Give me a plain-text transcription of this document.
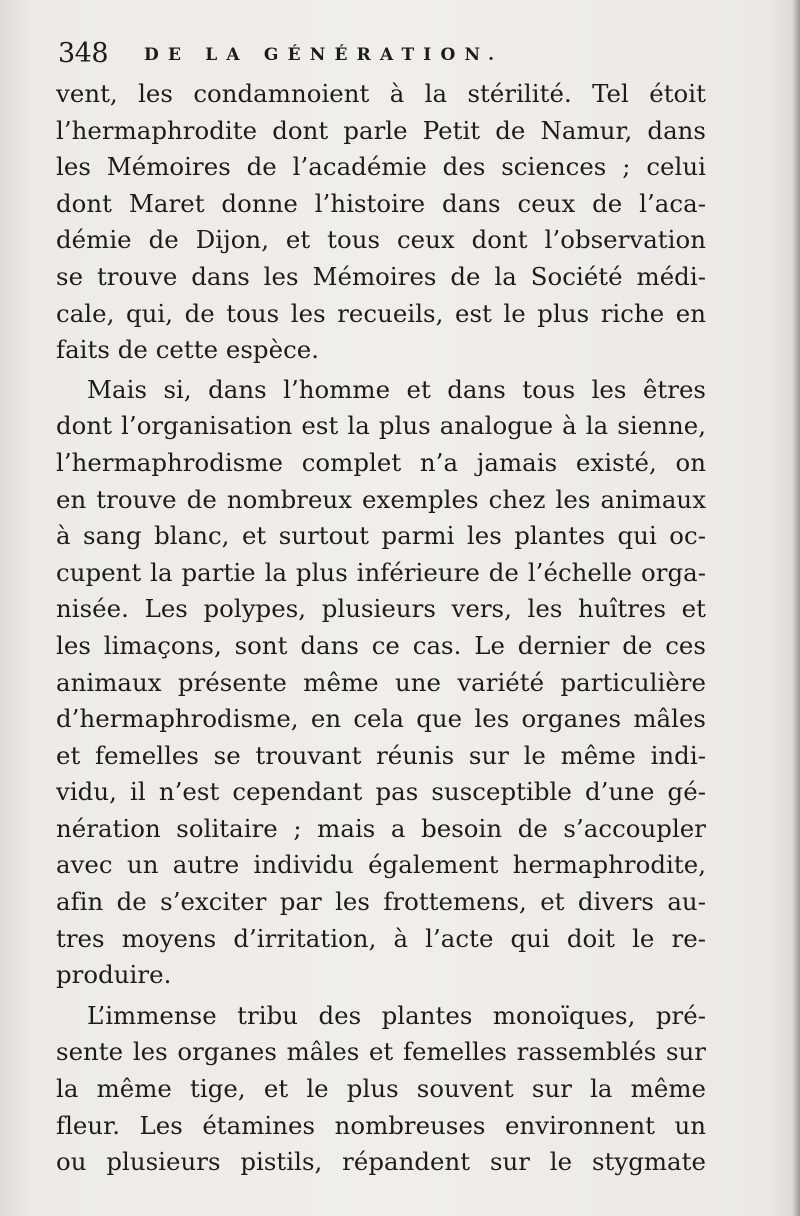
348 DE LA GÉNÉRATION.
vent, les condamnoient à la stérilité. Tel étoit
l’hermaphrodite dont parle Petit de Namur, dans
les Mémoires de l’académie des sciences ; celui
dont Maret donne l’histoire dans ceux de l’aca-
démie de Dijon, et tous ceux dont l’observation
se trouve dans les Mémoires de la Société médi-
cale, qui, de tous les recueils, est le plus riche en
faits de cette espèce.
Mais si, dans l’homme et dans tous les êtres
dont l’organisation est la plus analogue à la sienne,
l’hermaphrodisme complet n’a jamais existé, on
en trouve de nombreux exemples chez les animaux
à sang blanc, et surtout parmi les plantes qui oc-
cupent la partie la plus inférieure de l’échelle orga-
nisée. Les polypes, plusieurs vers, les huîtres et
les limaçons, sont dans ce cas. Le dernier de ces
animaux présente même une variété particulière
d’hermaphrodisme, en cela que les organes mâles
et femelles se trouvant réunis sur le même indi-
vidu, il n’est cependant pas susceptible d’une gé-
nération solitaire ; mais a besoin de s’accoupler
avec un autre individu également hermaphrodite,
afin de s’exciter par les frottemens, et divers au-
tres moyens d’irritation, à l’acte qui doit le re-
produire.
L’immense tribu des plantes monoïques, pré-
sente les organes mâles et femelles rassemblés sur
la même tige, et le plus souvent sur la même
fleur. Les étamines nombreuses environnent un
ou plusieurs pistils, répandent sur le stygmate
